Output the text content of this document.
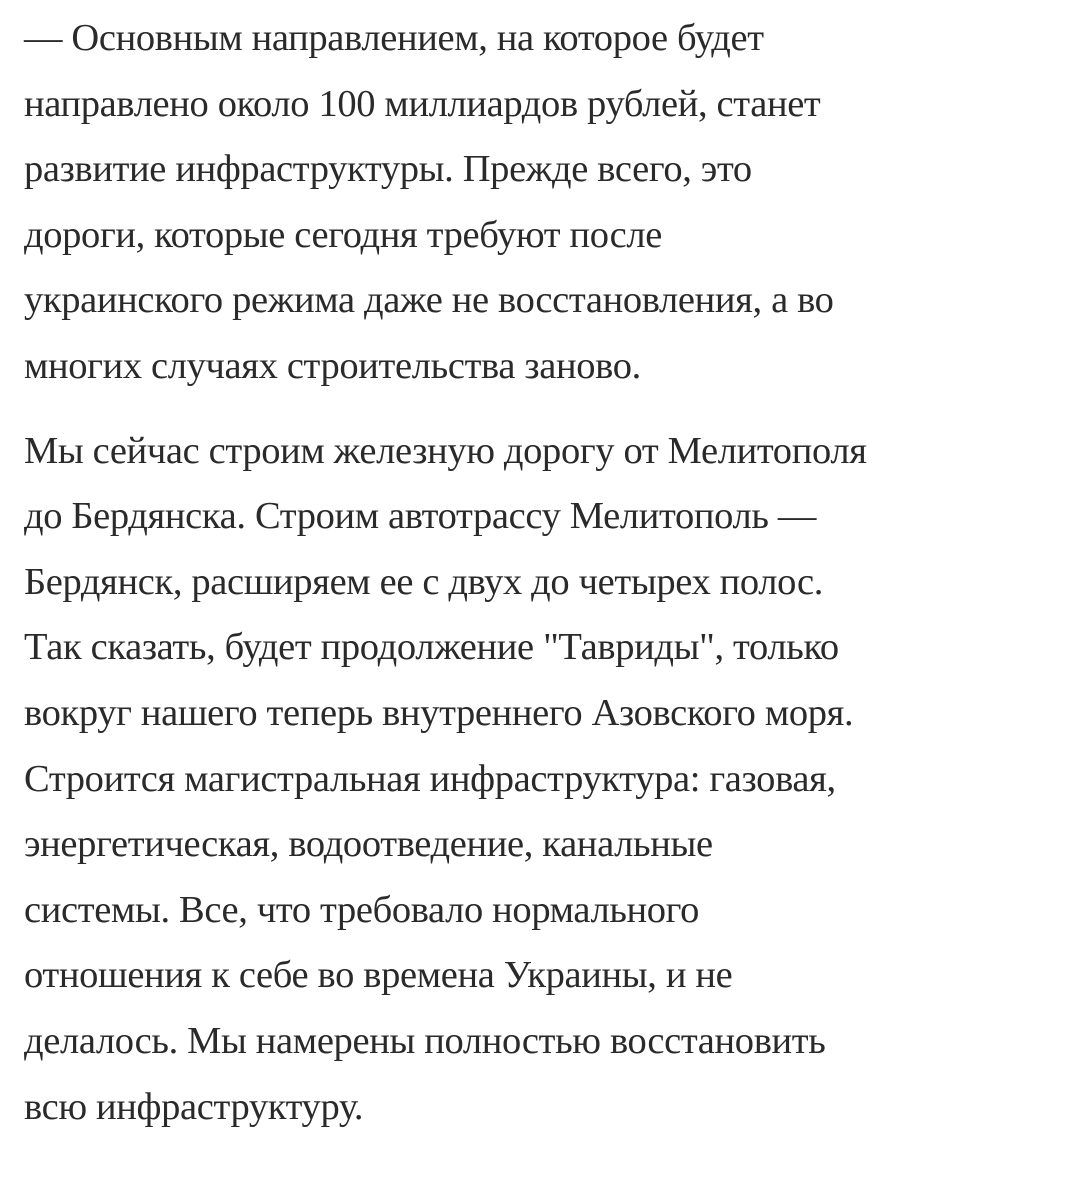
— Основным направлением, на которое будет
направлено около 100 миллиардов рублей, станет
развитие инфраструктуры. Прежде всего, это
дороги, которые сегодня требуют после
украинского режима даже не восстановления, а во
многих случаях строительства заново.

Мы сейчас строим железную дорогу от Мелитополя
до Бердянска. Строим автотрассу Мелитополь —
Бердянск, расширяем ее с двух до четырех полос.
Так сказать, будет продолжение "Тавриды", только
вокруг нашего теперь внутреннего Азовского моря.
Строится магистральная инфраструктура: газовая,
энергетическая, водоотведение, канальные
системы. Все, что требовало нормального
отношения к себе во времена Украины, и не
делалось. Мы намерены полностью восстановить
всю инфраструктуру.
